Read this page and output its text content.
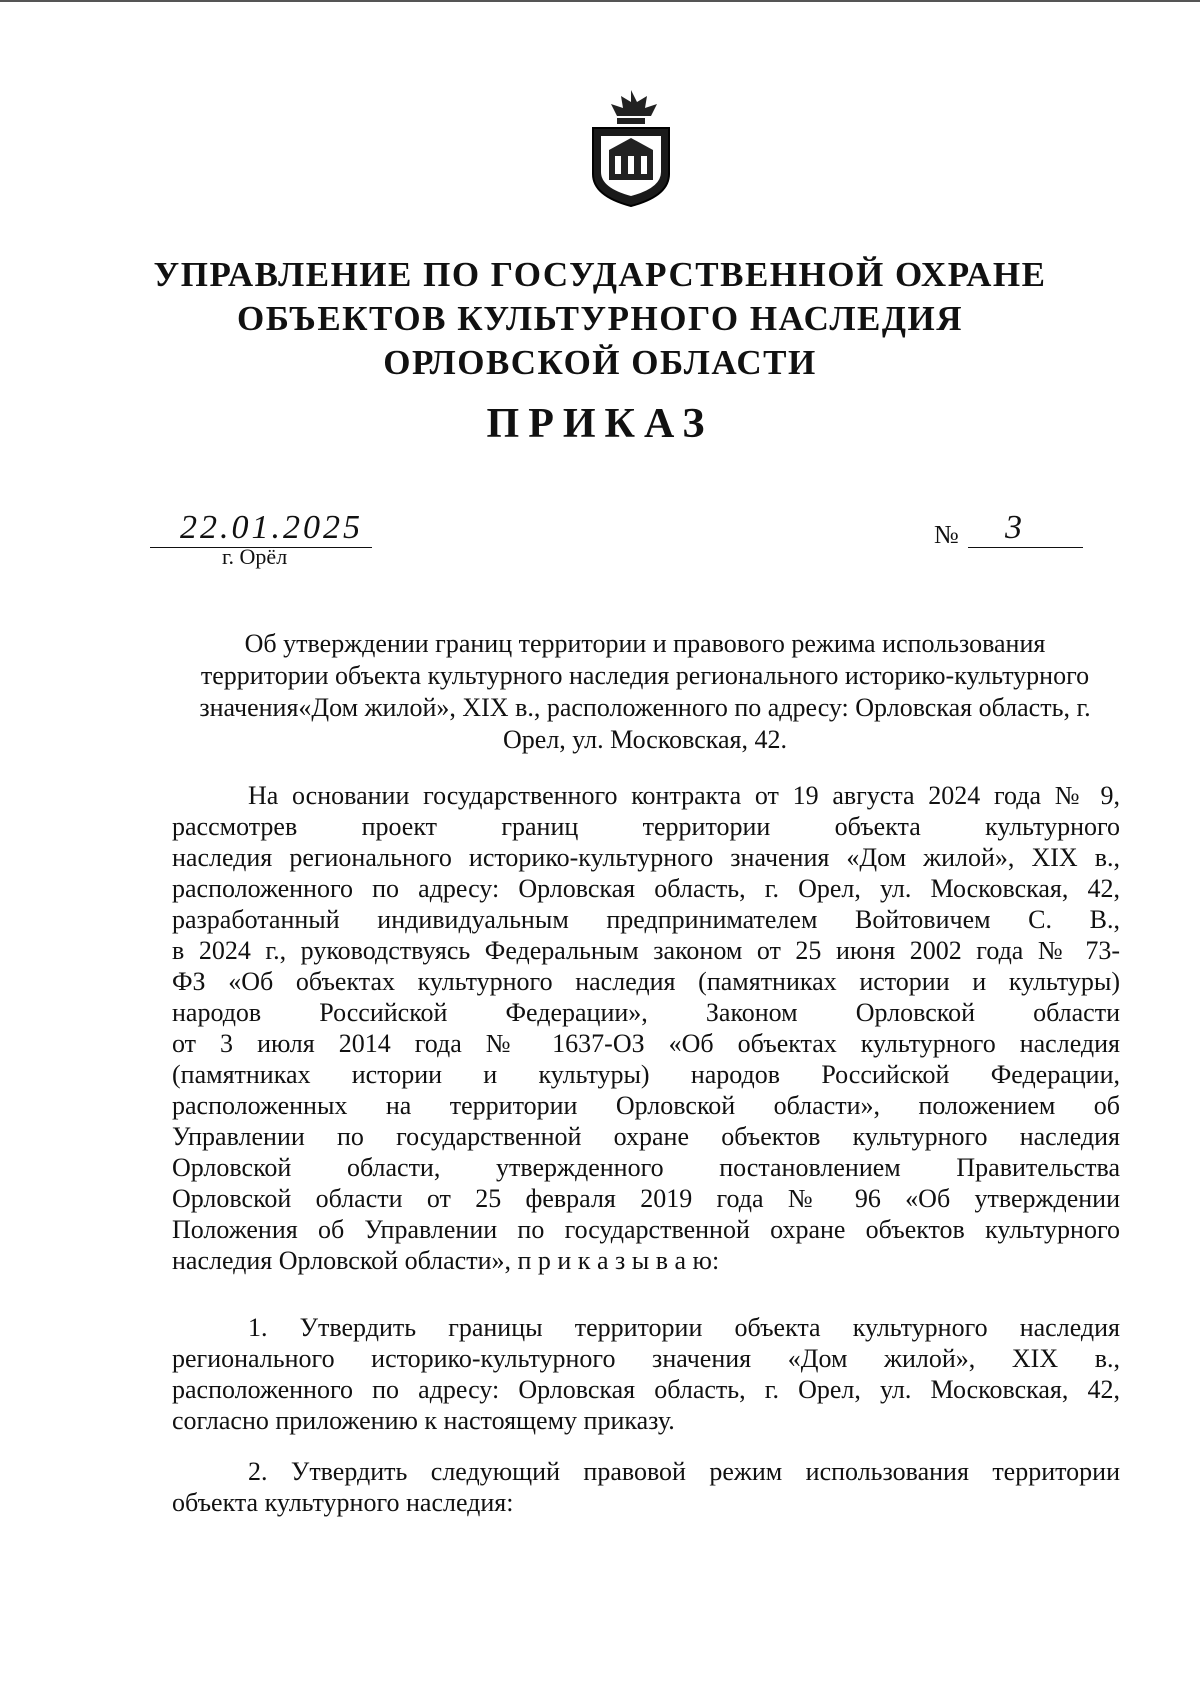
УПРАВЛЕНИЕ ПО ГОСУДАРСТВЕННОЙ ОХРАНЕ
ОБЪЕКТОВ КУЛЬТУРНОГО НАСЛЕДИЯ
ОРЛОВСКОЙ ОБЛАСТИ
ПРИКАЗ
22.01.2025
г. Орёл
№ 3
Об утверждении границ территории и правового режима использования
территории объекта культурного наследия регионального историко-культурного
значения«Дом жилой», XIX в., расположенного по адресу: Орловская область, г.
Орел, ул. Московская, 42.

На основании государственного контракта от 19 августа 2024 года № 9,
рассмотрев проект границ территории объекта культурного
наследия регионального историко-культурного значения «Дом жилой», XIX в.,
расположенного по адресу: Орловская область, г. Орел, ул. Московская, 42,
разработанный индивидуальным предпринимателем Войтовичем С. В.,
в 2024 г., руководствуясь Федеральным законом от 25 июня 2002 года № 73-
ФЗ «Об объектах культурного наследия (памятниках истории и культуры)
народов Российской Федерации», Законом Орловской области
от 3 июля 2014 года № 1637-ОЗ «Об объектах культурного наследия
(памятниках истории и культуры) народов Российской Федерации,
расположенных на территории Орловской области», положением об
Управлении по государственной охране объектов культурного наследия
Орловской области, утвержденного постановлением Правительства
Орловской области от 25 февраля 2019 года № 96 «Об утверждении
Положения об Управлении по государственной охране объектов культурного
наследия Орловской области», п р и к а з ы в а ю:

1. Утвердить границы территории объекта культурного наследия
регионального историко-культурного значения «Дом жилой», XIX в.,
расположенного по адресу: Орловская область, г. Орел, ул. Московская, 42,
согласно приложению к настоящему приказу.

2. Утвердить следующий правовой режим использования территории
объекта культурного наследия:
